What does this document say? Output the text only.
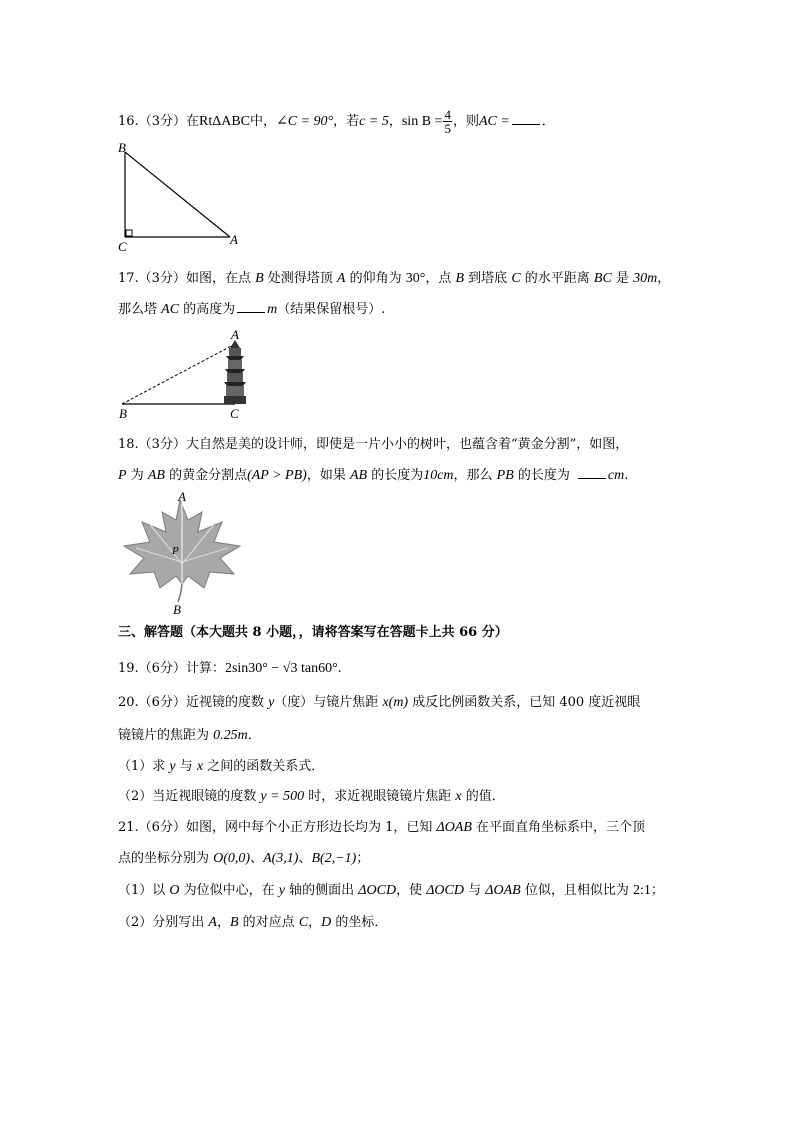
16.（3分）在RtΔABC中，∠C = 90°，若c = 5，$\sin B = \frac{4}{5}$ ，则AC = ．
B
C	A
17.（3分）如图，在点 B 处测得塔顶 A 的仰角为 30°，点 B 到塔底 C 的水平距离 BC 是 30m，
那么塔 AC 的高度为 m（结果保留根号）.
A
B	C
18.（3分）大自然是美的设计师，即使是一片小小的树叶，也蕴含着“黄金分割”，如图，
P 为 AB 的黄金分割点(AP > PB)，如果 AB 的长度为10cm，那么 PB 的长度为	cm.
A
P
B
三、解答题（本大题共 8 小题，，请将答案写在答题卡上共 66 分）
19.（6分）计算：2sin30° − √3 tan60°.
20.（6分）近视镜的度数 y（度）与镜片焦距 x(m) 成反比例函数关系，已知 400 度近视眼
镜镜片的焦距为 0.25m．
（1）求 y 与 x 之间的函数关系式．
（2）当近视眼镜的度数 y = 500 时，求近视眼镜镜片焦距 x 的值．
21.（6分）如图，网中每个小正方形边长均为 1，已知 ΔOAB 在平面直角坐标系中，三个顶
点的坐标分别为 O(0,0)、A(3,1)、B(2,−1)；
（1）以 O 为位似中心，在 y 轴的侧面出 ΔOCD，使 ΔOCD 与 ΔOAB 位似，且相似比为 2:1；
（2）分别写出 A，B 的对应点 C，D 的坐标．
